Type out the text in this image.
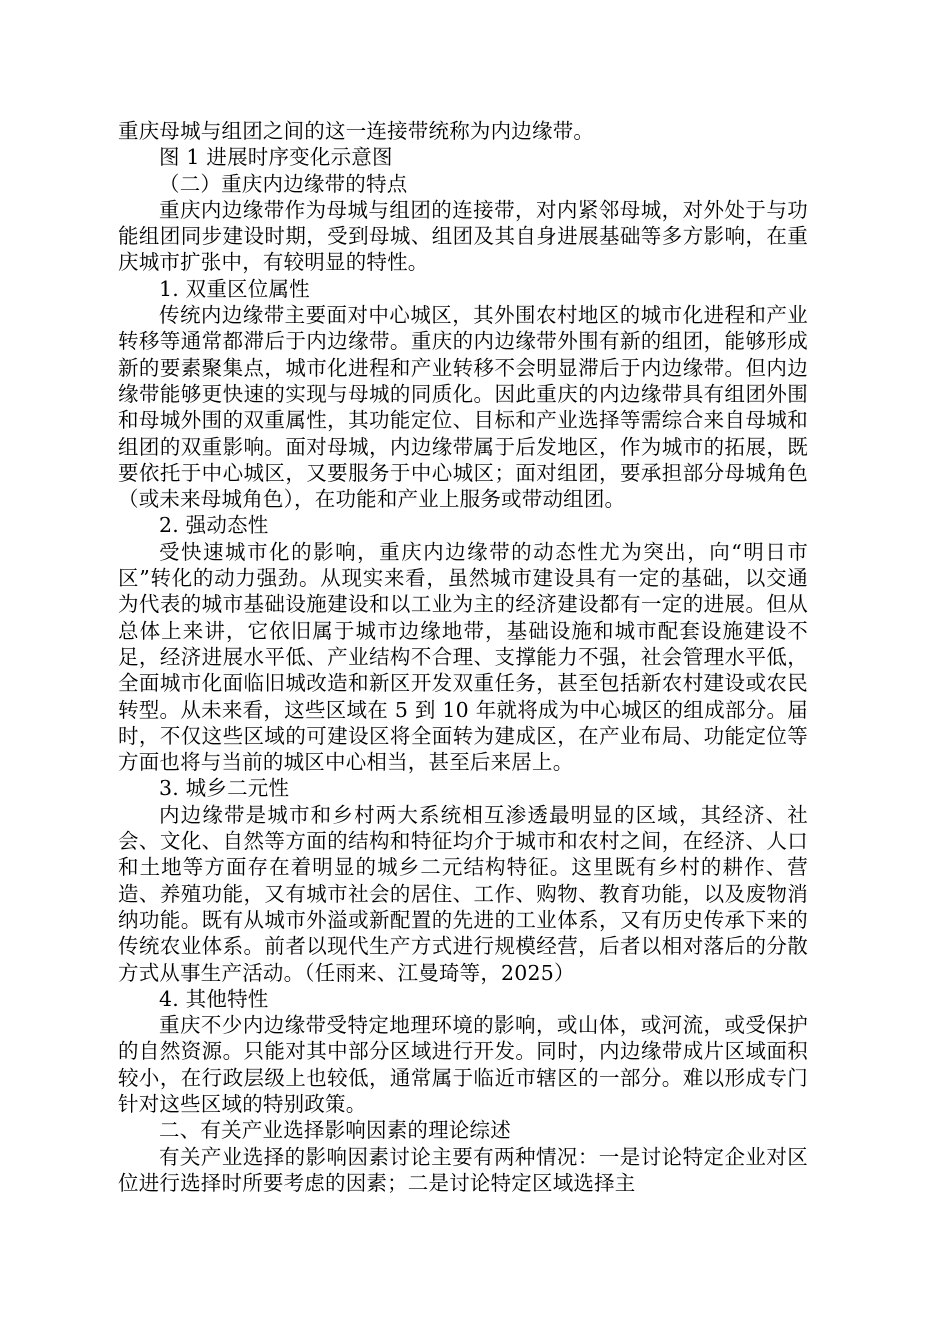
重庆母城与组团之间的这一连接带统称为内边缘带。

图 1 进展时序变化示意图

（二）重庆内边缘带的特点

重庆内边缘带作为母城与组团的连接带，对内紧邻母城，对外处于与功能组团同步建设时期，受到母城、组团及其自身进展基础等多方影响，在重庆城市扩张中，有较明显的特性。

1. 双重区位属性

传统内边缘带主要面对中心城区，其外围农村地区的城市化进程和产业转移等通常都滞后于内边缘带。重庆的内边缘带外围有新的组团，能够形成新的要素聚集点，城市化进程和产业转移不会明显滞后于内边缘带。但内边缘带能够更快速的实现与母城的同质化。因此重庆的内边缘带具有组团外围和母城外围的双重属性，其功能定位、目标和产业选择等需综合来自母城和组团的双重影响。面对母城，内边缘带属于后发地区，作为城市的拓展，既要依托于中心城区，又要服务于中心城区；面对组团，要承担部分母城角色（或未来母城角色），在功能和产业上服务或带动组团。

2. 强动态性

受快速城市化的影响，重庆内边缘带的动态性尤为突出，向“明日市区”转化的动力强劲。从现实来看，虽然城市建设具有一定的基础，以交通为代表的城市基础设施建设和以工业为主的经济建设都有一定的进展。但从总体上来讲，它依旧属于城市边缘地带，基础设施和城市配套设施建设不足，经济进展水平低、产业结构不合理、支撑能力不强，社会管理水平低，全面城市化面临旧城改造和新区开发双重任务，甚至包括新农村建设或农民转型。从未来看，这些区域在 5 到 10 年就将成为中心城区的组成部分。届时，不仅这些区域的可建设区将全面转为建成区，在产业布局、功能定位等方面也将与当前的城区中心相当，甚至后来居上。

3. 城乡二元性

内边缘带是城市和乡村两大系统相互渗透最明显的区域，其经济、社会、文化、自然等方面的结构和特征均介于城市和农村之间，在经济、人口和土地等方面存在着明显的城乡二元结构特征。这里既有乡村的耕作、营造、养殖功能，又有城市社会的居住、工作、购物、教育功能，以及废物消纳功能。既有从城市外溢或新配置的先进的工业体系，又有历史传承下来的传统农业体系。前者以现代生产方式进行规模经营，后者以相对落后的分散方式从事生产活动。（任雨来、江曼琦等，2025）

4. 其他特性

重庆不少内边缘带受特定地理环境的影响，或山体，或河流，或受保护的自然资源。只能对其中部分区域进行开发。同时，内边缘带成片区域面积较小，在行政层级上也较低，通常属于临近市辖区的一部分。难以形成专门针对这些区域的特别政策。

二、有关产业选择影响因素的理论综述

有关产业选择的影响因素讨论主要有两种情况：一是讨论特定企业对区位进行选择时所要考虑的因素；二是讨论特定区域选择主
